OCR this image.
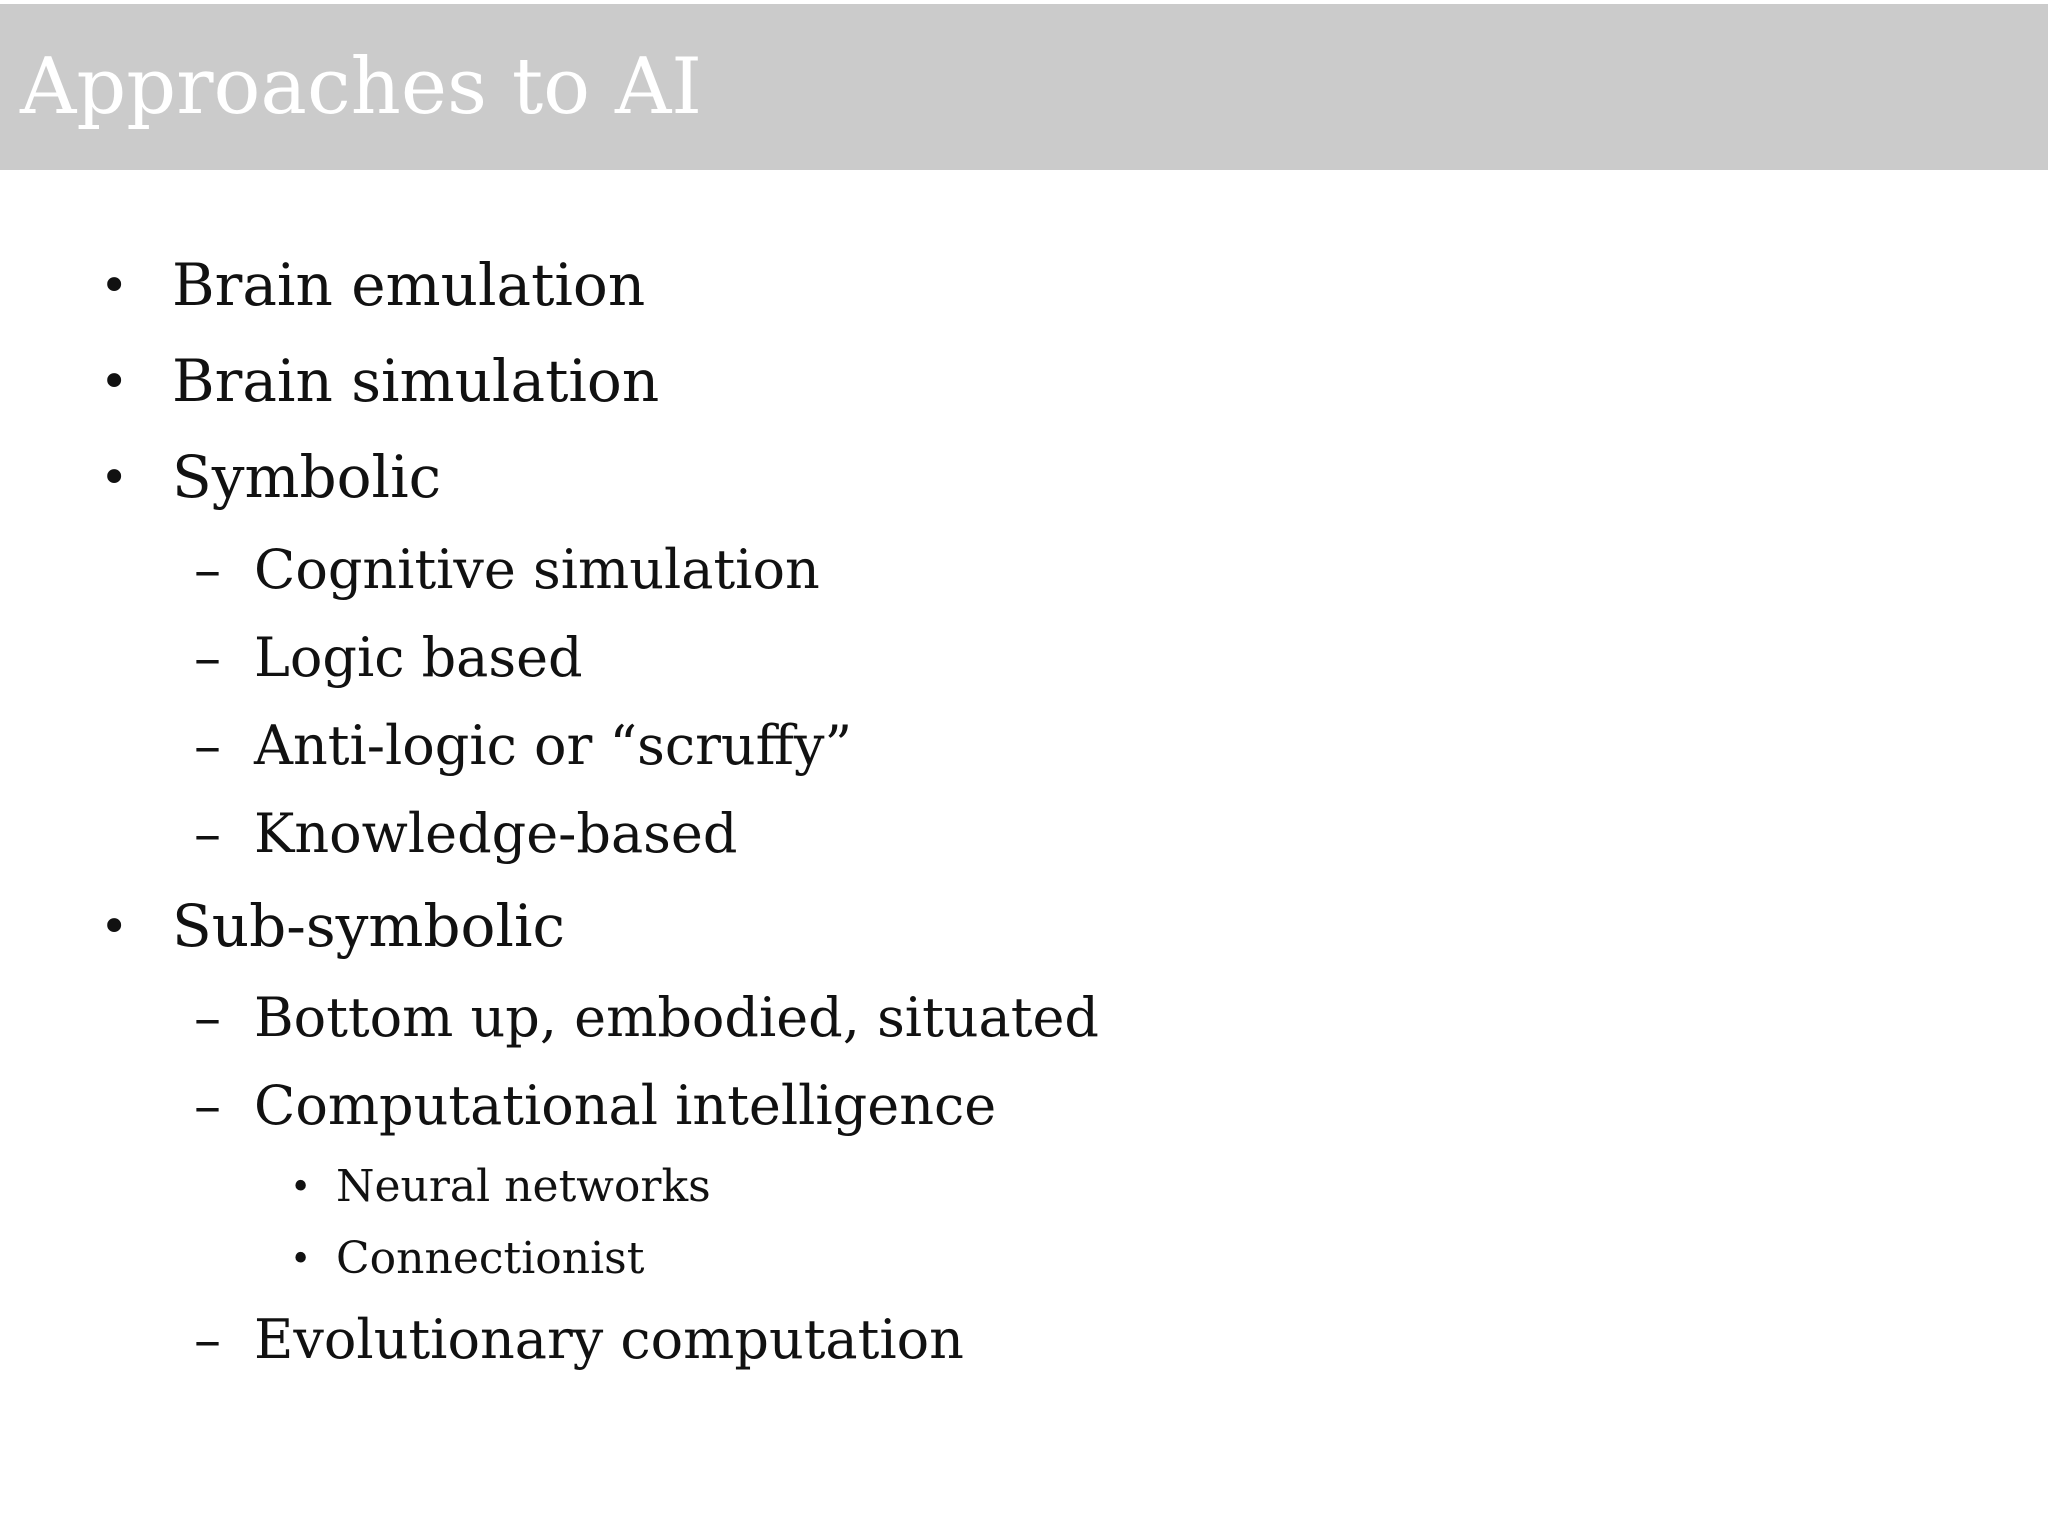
Approaches to AI
• Brain emulation
• Brain simulation
• Symbolic
– Cognitive simulation
– Logic based
– Anti-logic or “scruffy”
– Knowledge-based
• Sub-symbolic
– Bottom up, embodied, situated
– Computational intelligence
• Neural networks
• Connectionist
– Evolutionary computation
